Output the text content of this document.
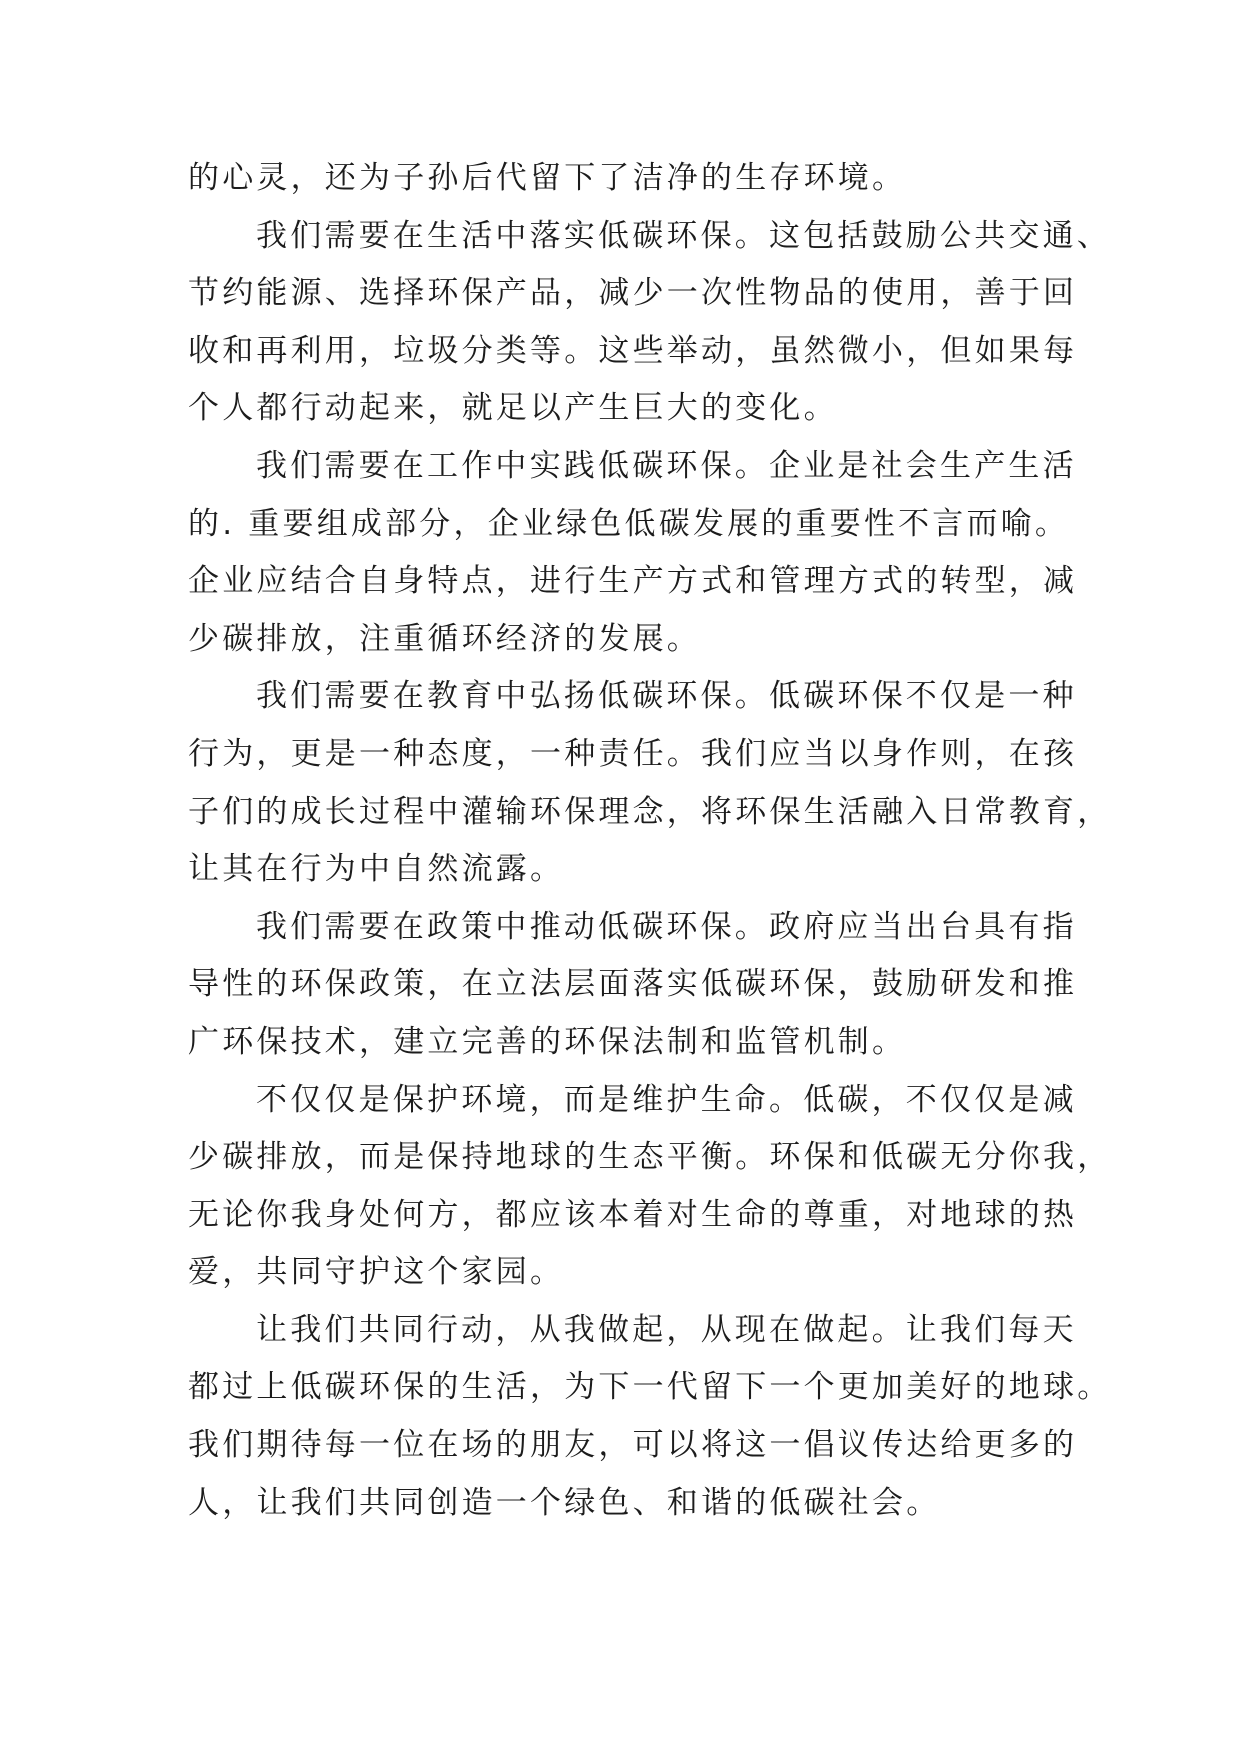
的心灵，还为子孙后代留下了洁净的生存环境。
我们需要在生活中落实低碳环保。这包括鼓励公共交通、
节约能源、选择环保产品，减少一次性物品的使用，善于回
收和再利用，垃圾分类等。这些举动，虽然微小，但如果每
个人都行动起来，就足以产生巨大的变化。
我们需要在工作中实践低碳环保。企业是社会生产生活
的. 重要组成部分，企业绿色低碳发展的重要性不言而喻。
企业应结合自身特点，进行生产方式和管理方式的转型，减
少碳排放，注重循环经济的发展。
我们需要在教育中弘扬低碳环保。低碳环保不仅是一种
行为，更是一种态度，一种责任。我们应当以身作则，在孩
子们的成长过程中灌输环保理念，将环保生活融入日常教育，
让其在行为中自然流露。
我们需要在政策中推动低碳环保。政府应当出台具有指
导性的环保政策，在立法层面落实低碳环保，鼓励研发和推
广环保技术，建立完善的环保法制和监管机制。
不仅仅是保护环境，而是维护生命。低碳，不仅仅是减
少碳排放，而是保持地球的生态平衡。环保和低碳无分你我，
无论你我身处何方，都应该本着对生命的尊重，对地球的热
爱，共同守护这个家园。
让我们共同行动，从我做起，从现在做起。让我们每天
都过上低碳环保的生活，为下一代留下一个更加美好的地球。
我们期待每一位在场的朋友，可以将这一倡议传达给更多的
人，让我们共同创造一个绿色、和谐的低碳社会。
